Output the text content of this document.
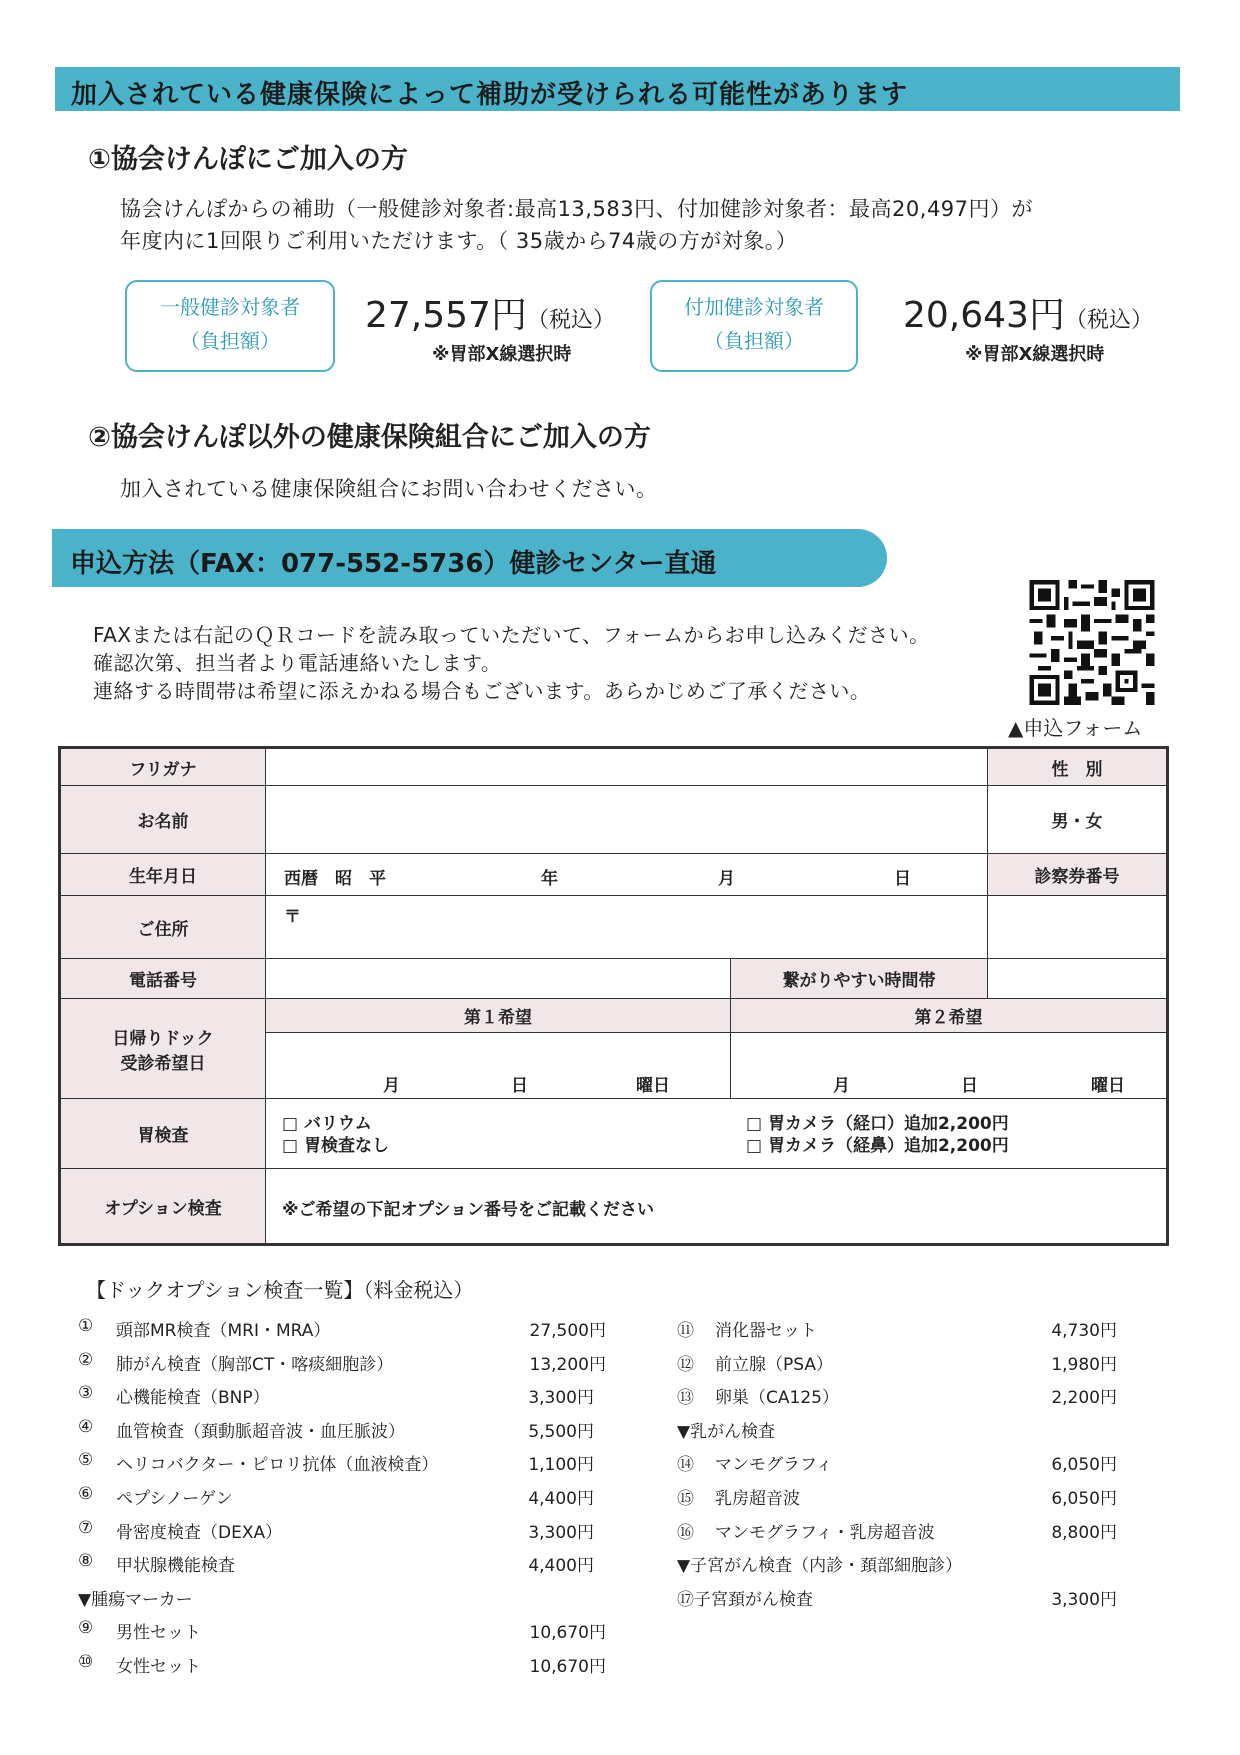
加入されている健康保険によって補助が受けられる可能性があります
①協会けんぽにご加入の方
協会けんぽからの補助（一般健診対象者:最高13,583円、付加健診対象者：最高20,497円）が
年度内に1回限りご利用いただけます。（ 35歳から74歳の方が対象。）
一般健診対象者
（負担額）
27,557円（税込）
※胃部X線選択時
付加健診対象者
（負担額）
20,643円（税込）
※胃部X線選択時
②協会けんぽ以外の健康保険組合にご加入の方
加入されている健康保険組合にお問い合わせください。
申込方法（FAX：077-552-5736）健診センター直通
FAXまたは右記のＱＲコードを読み取っていただいて、フォームからお申し込みください。
確認次第、担当者より電話連絡いたします。
連絡する時間帯は希望に添えかねる場合もございます。あらかじめご了承ください。
▲申込フォーム
フリガナ	性　別
お名前	男・女
生年月日	西暦　昭　平	年	月	日	診察券番号
ご住所
〒
電話番号	繋がりやすい時間帯
日帰りドック
受診希望日
第１希望	第２希望
月	日	曜日	月	日	曜日
胃検査
□ バリウム
□ 胃検査なし
□ 胃カメラ（経口）追加2,200円
□ 胃カメラ（経鼻）追加2,200円
オプション検査	※ご希望の下記オプション番号をご記載ください
【ドックオプション検査一覧】（料金税込）
① 頭部MR検査（MRI・MRA）	27,500円
② 肺がん検査（胸部CT・喀痰細胞診）	13,200円
③ 心機能検査（BNP）	3,300円
④ 血管検査（頚動脈超音波・血圧脈波）	5,500円
⑤ ヘリコバクター・ピロリ抗体（血液検査）	1,100円
⑥ ペプシノーゲン	4,400円
⑦ 骨密度検査（DEXA）	3,300円
⑧ 甲状腺機能検査	4,400円
▼腫瘍マーカー
⑨ 男性セット	10,670円
⑩ 女性セット	10,670円
⑪ 消化器セット	4,730円
⑫ 前立腺（PSA）	1,980円
⑬ 卵巣（CA125）	2,200円
▼乳がん検査
⑭ マンモグラフィ	6,050円
⑮ 乳房超音波	6,050円
⑯ マンモグラフィ・乳房超音波	8,800円
▼子宮がん検査（内診・頚部細胞診）
⑰子宮頚がん検査	3,300円
